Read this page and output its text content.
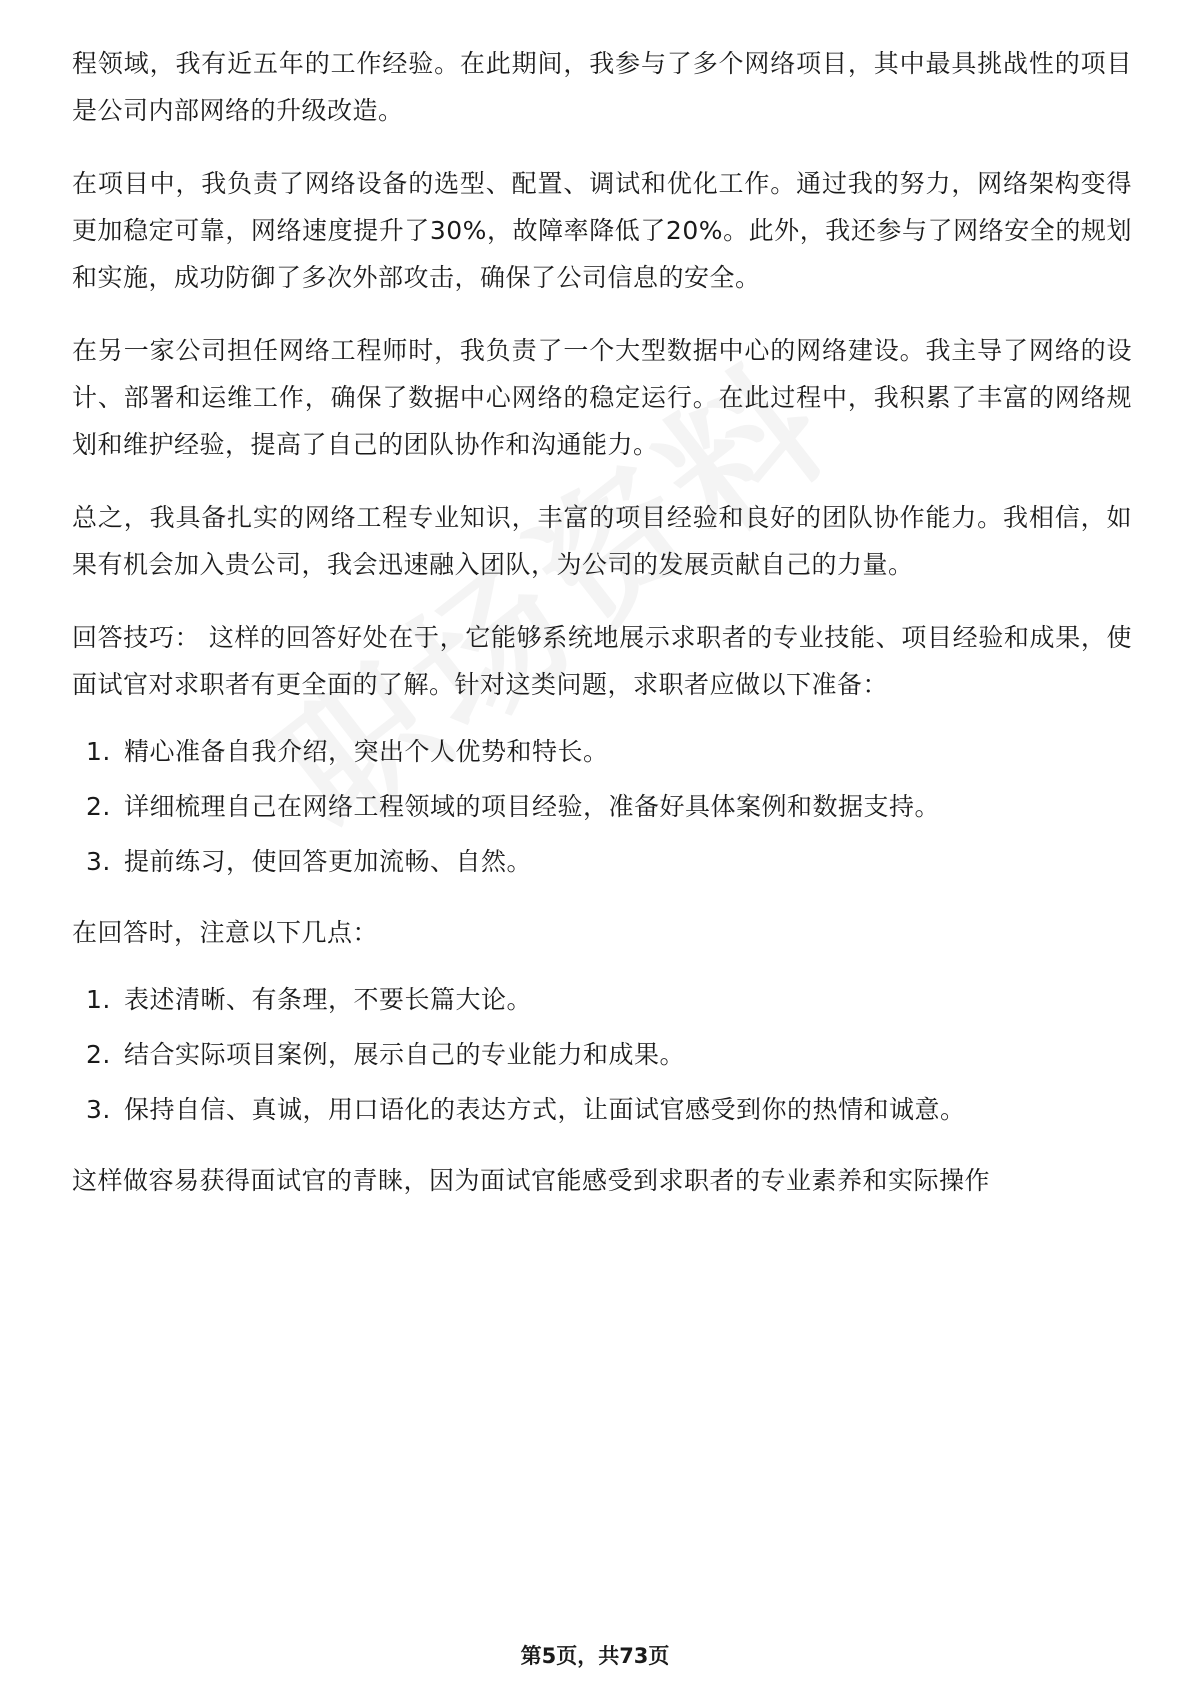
程领域，我有近五年的工作经验。在此期间，我参与了多个网络项目，其中最具挑战性的项目是公司内部网络的升级改造。

在项目中，我负责了网络设备的选型、配置、调试和优化工作。通过我的努力，网络架构变得更加稳定可靠，网络速度提升了30%，故障率降低了20%。此外，我还参与了网络安全的规划和实施，成功防御了多次外部攻击，确保了公司信息的安全。

在另一家公司担任网络工程师时，我负责了一个大型数据中心的网络建设。我主导了网络的设计、部署和运维工作，确保了数据中心网络的稳定运行。在此过程中，我积累了丰富的网络规划和维护经验，提高了自己的团队协作和沟通能力。

总之，我具备扎实的网络工程专业知识，丰富的项目经验和良好的团队协作能力。我相信，如果有机会加入贵公司，我会迅速融入团队，为公司的发展贡献自己的力量。

回答技巧： 这样的回答好处在于，它能够系统地展示求职者的专业技能、项目经验和成果，使面试官对求职者有更全面的了解。针对这类问题，求职者应做以下准备：

1. 精心准备自我介绍，突出个人优势和特长。
2. 详细梳理自己在网络工程领域的项目经验，准备好具体案例和数据支持。
3. 提前练习，使回答更加流畅、自然。

在回答时，注意以下几点：

1. 表述清晰、有条理，不要长篇大论。
2. 结合实际项目案例，展示自己的专业能力和成果。
3. 保持自信、真诚，用口语化的表达方式，让面试官感受到你的热情和诚意。

这样做容易获得面试官的青睐，因为面试官能感受到求职者的专业素养和实际操作

第5页，共73页
